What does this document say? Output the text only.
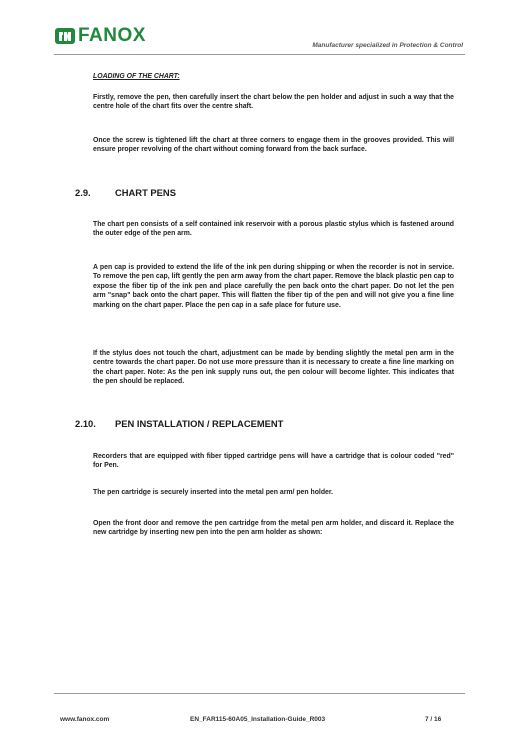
FANOX	Manufacturer specialized in Protection & Control

LOADING OF THE CHART:

Firstly, remove the pen, then carefully insert the chart below the pen holder and adjust in such a way that the centre hole of the chart fits over the centre shaft.

Once the screw is tightened lift the chart at three corners to engage them in the grooves provided. This will ensure proper revolving of the chart without coming forward from the back surface.

The chart pen consists of a self contained ink reservoir with a porous plastic stylus which is fastened around the outer edge of the pen arm.

A pen cap is provided to extend the life of the ink pen during shipping or when the recorder is not in service. To remove the pen cap, lift gently the pen arm away from the chart paper. Remove the black plastic pen cap to expose the fiber tip of the ink pen and place carefully the pen back onto the chart paper. Do not let the pen arm "snap" back onto the chart paper. This will flatten the fiber tip of the pen and will not give you a fine line marking on the chart paper. Place the pen cap in a safe place for future use.

If the stylus does not touch the chart, adjustment can be made by bending slightly the metal pen arm in the centre towards the chart paper. Do not use more pressure than it is necessary to create a fine line marking on the chart paper. Note: As the pen ink supply runs out, the pen colour will become lighter. This indicates that the pen should be replaced.

Recorders that are equipped with fiber tipped cartridge pens will have a cartridge that is colour coded "red" for Pen.

The pen cartridge is securely inserted into the metal pen arm/ pen holder.

Open the front door and remove the pen cartridge from the metal pen arm holder, and discard it. Replace the new cartridge by inserting new pen into the pen arm holder as shown:

2.9.	CHART PENS
2.10. PEN INSTALLATION / REPLACEMENT
www.fanox.com	EN_FAR115-60A05_Installation-Guide_R003	7 / 16
